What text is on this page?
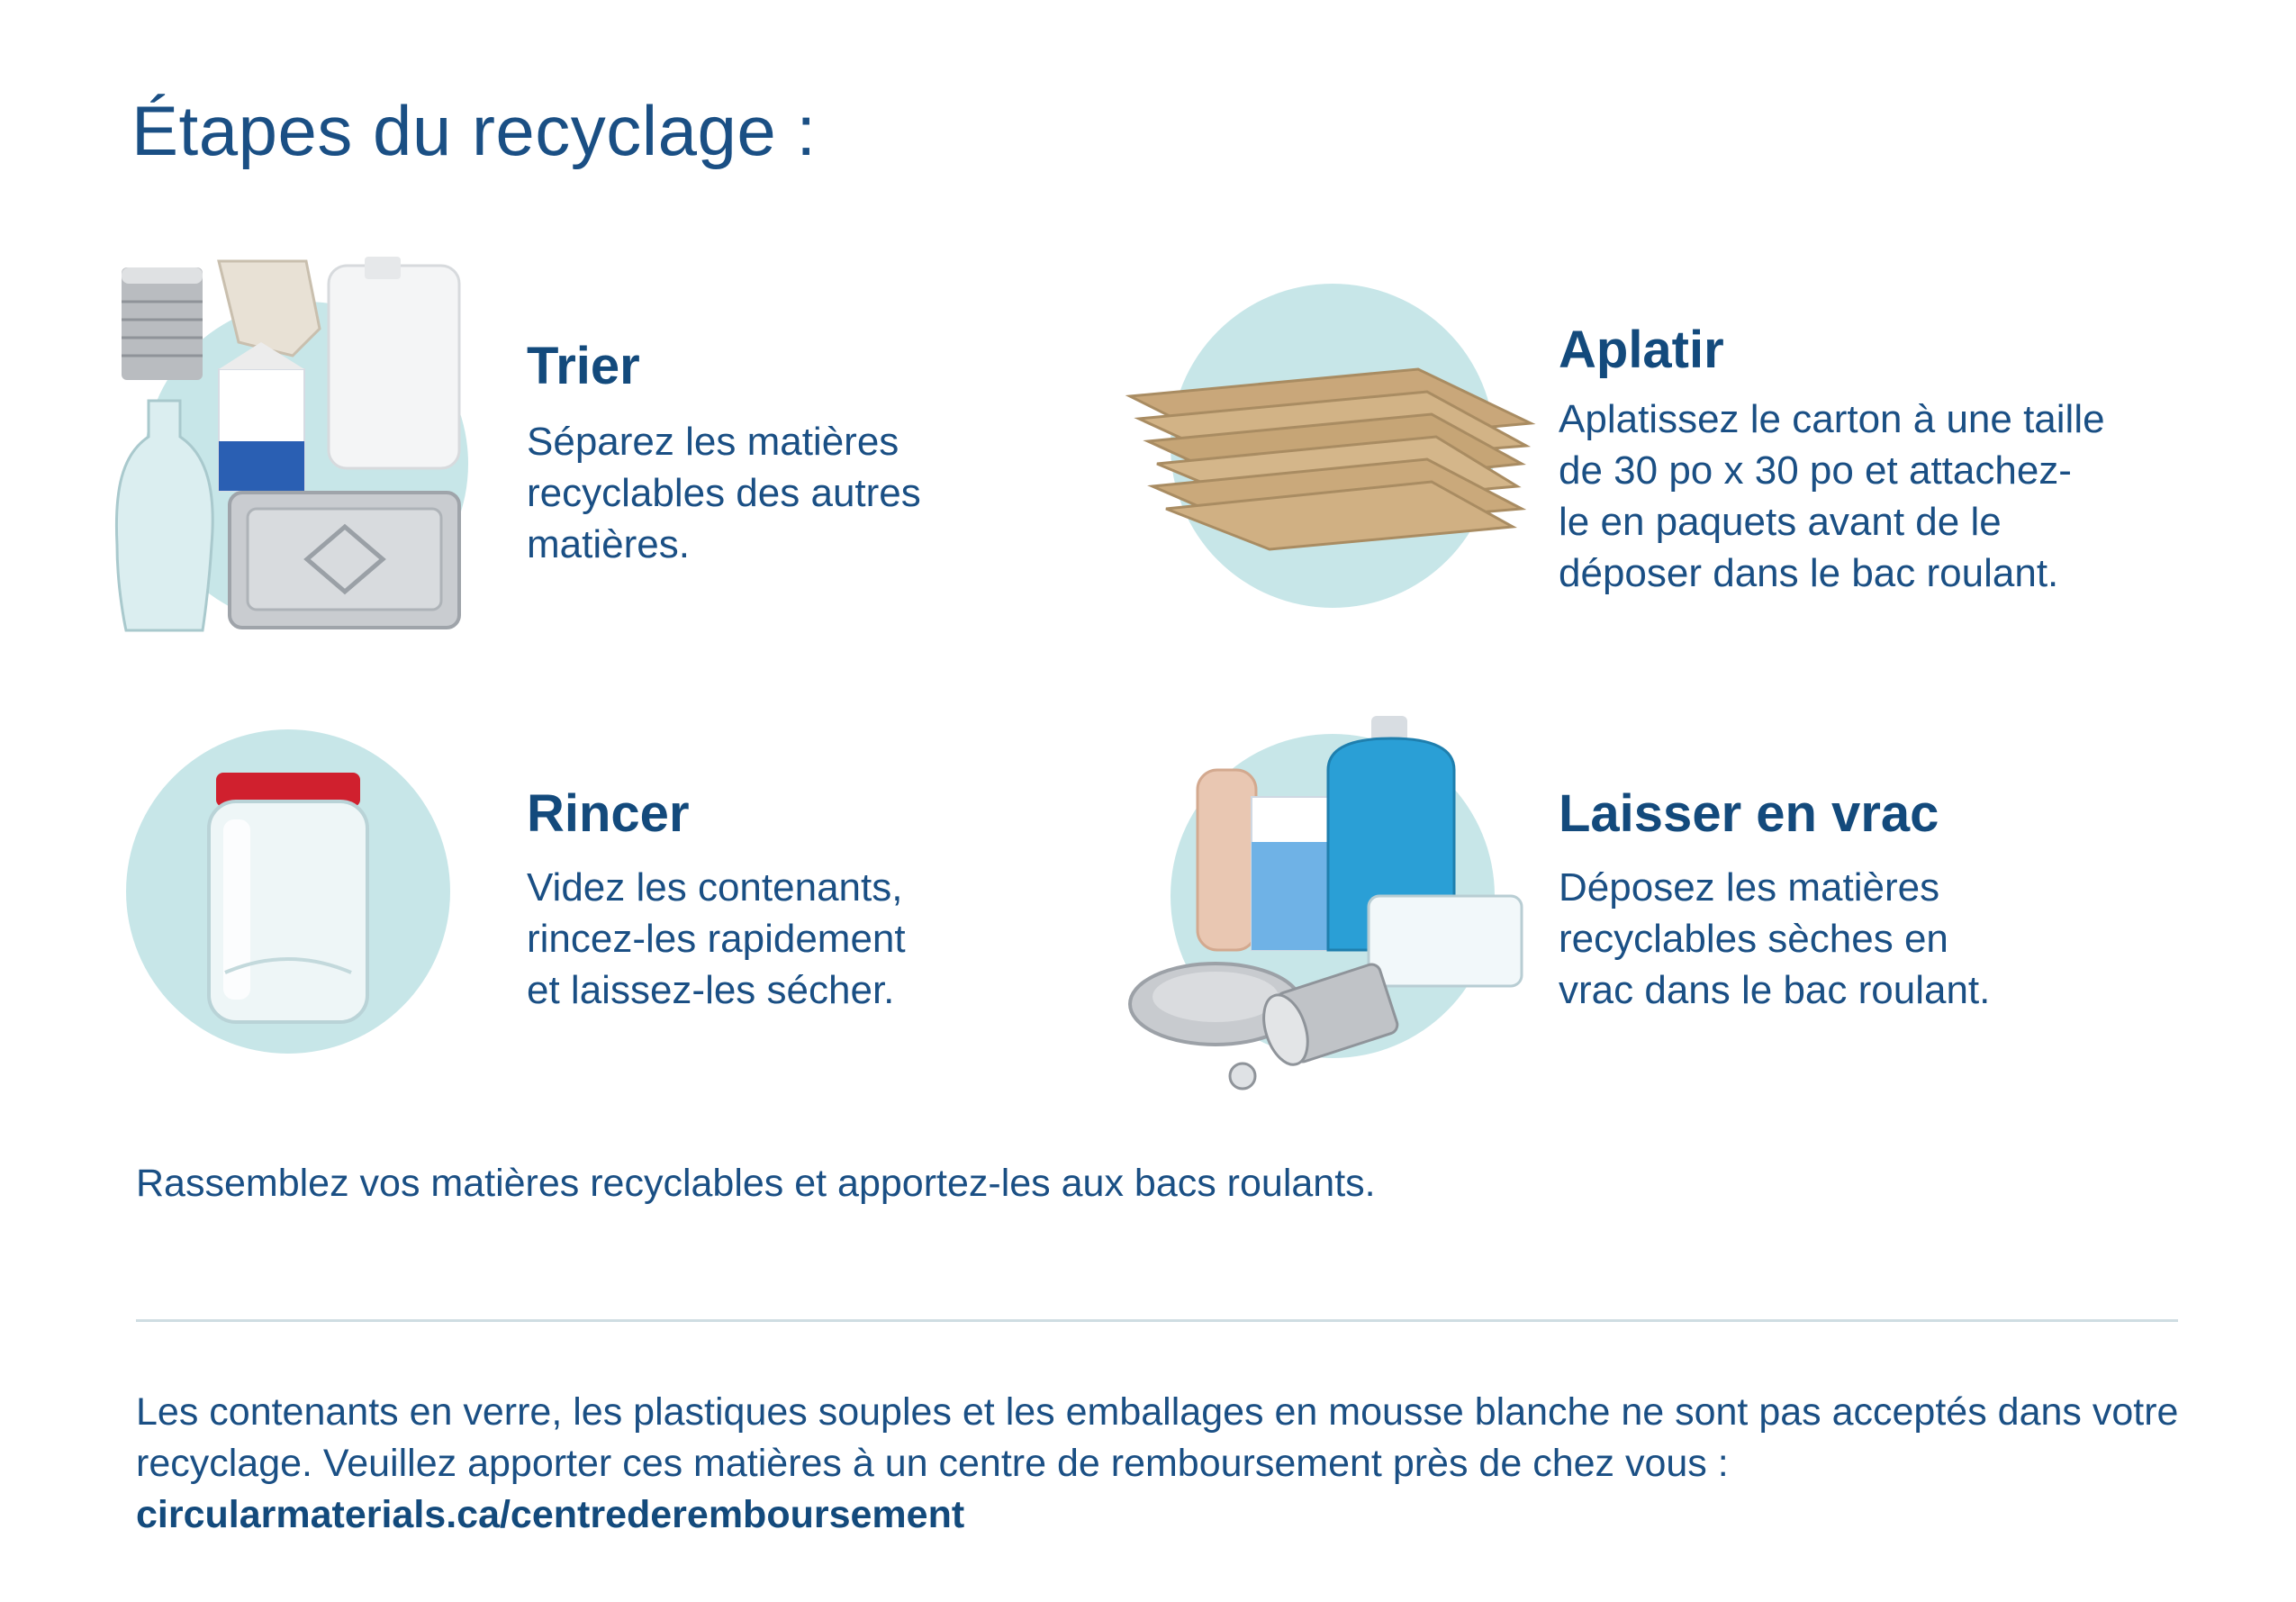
Étapes du recyclage :
Trier
Séparez les matières
recyclables des autres
matières.
Aplatir
Aplatissez le carton à une taille
de 30 po x 30 po et attachez-
le en paquets avant de le
déposer dans le bac roulant.
Rincer
Videz les contenants,
rincez-les rapidement
et laissez-les sécher.
Laisser en vrac
Déposez les matières
recyclables sèches en
vrac dans le bac roulant.

Rassemblez vos matières recyclables et apportez-les aux bacs roulants.

Les contenants en verre, les plastiques souples et les emballages en mousse blanche ne sont pas acceptés dans votre recyclage. Veuillez apporter ces matières à un centre de remboursement près de chez vous : circularmaterials.ca/centrederemboursement
